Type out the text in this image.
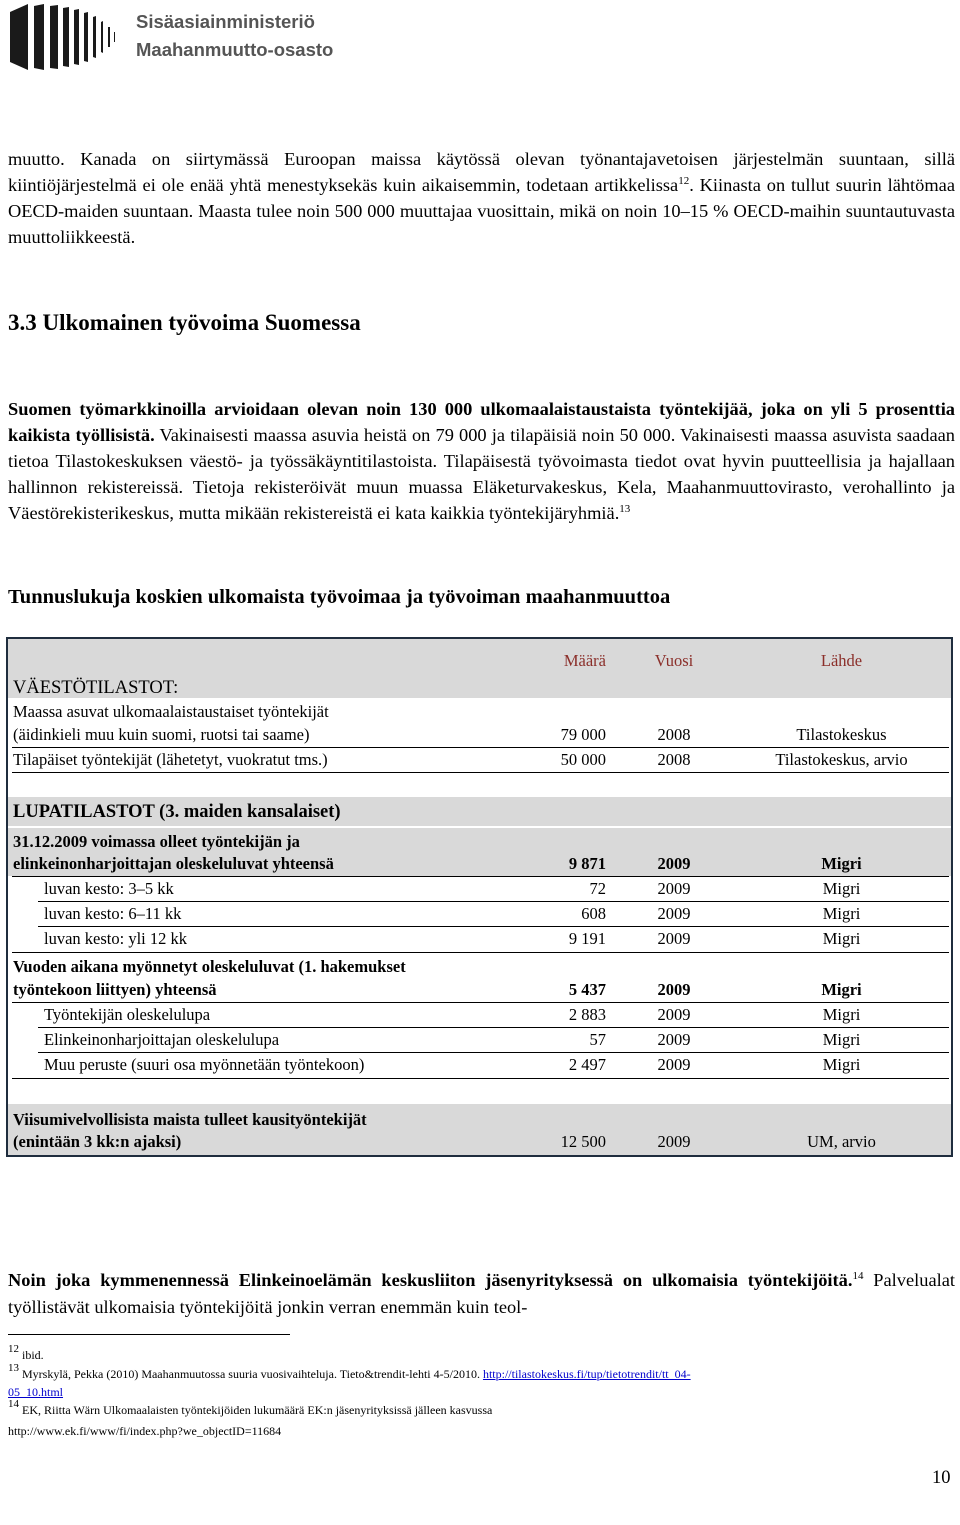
Sisäasiainministeriö
Maahanmuutto-osasto

muutto. Kanada on siirtymässä Euroopan maissa käytössä olevan työnantajavetoisen järjestelmän suuntaan, sillä kiintiöjärjestelmä ei ole enää yhtä menestyksekäs kuin aikaisemmin, todetaan artikkelissa$^{12}$. Kiinasta on tullut suurin lähtömaa OECD-maiden suuntaan. Maasta tulee noin 500 000 muuttajaa vuosittain, mikä on noin 10–15 % OECD-maihin suuntautuvasta muuttoliikkeestä.

3.3 Ulkomainen työvoima Suomessa

Suomen työmarkkinoilla arvioidaan olevan noin 130 000 ulkomaalaistaustaista työntekijää, joka on yli 5 prosenttia kaikista työllisistä. Vakinaisesti maassa asuvia heistä on 79 000 ja tilapäisiä noin 50 000. Vakinaisesti maassa asuvista saadaan tietoa Tilastokeskuksen väestö- ja työssäkäyntitilastoista. Tilapäisestä työvoimasta tiedot ovat hyvin puutteellisia ja hajallaan hallinnon rekistereissä. Tietoja rekisteröivät muun muassa Eläketurvakeskus, Kela, Maahanmuuttovirasto, verohallinto ja Väestörekisterikeskus, mutta mikään rekistereistä ei kata kaikkia työntekijäryhmiä.$^{13}$

Tunnuslukuja koskien ulkomaista työvoimaa ja työvoiman maahanmuuttoa
Määrä	Vuosi	Lähde
VÄESTÖTILASTOT:
Maassa asuvat ulkomaalaistaustaiset työntekijät
(äidinkieli muu kuin suomi, ruotsi tai saame)	79 000	2008	Tilastokeskus
Tilapäiset työntekijät (lähetetyt, vuokratut tms.)	50 000	2008	Tilastokeskus, arvio
LUPATILASTOT (3. maiden kansalaiset)
31.12.2009 voimassa olleet työntekijän ja
elinkeinonharjoittajan oleskeluluvat yhteensä	9 871	2009	Migri
luvan kesto: 3–5 kk	72	2009	Migri
luvan kesto: 6–11 kk	608	2009	Migri
luvan kesto: yli 12 kk	9 191	2009	Migri
Vuoden aikana myönnetyt oleskeluluvat (1. hakemukset
työntekoon liittyen) yhteensä	5 437	2009	Migri
Työntekijän oleskelulupa	2 883	2009	Migri
Elinkeinonharjoittajan oleskelulupa	57	2009	Migri
Muu peruste (suuri osa myönnetään työntekoon)	2 497	2009	Migri
Viisumivelvollisista maista tulleet kausityöntekijät
(enintään 3 kk:n ajaksi)	12 500	2009	UM, arvio

Noin joka kymmenennessä Elinkeinoelämän keskusliiton jäsenyrityksessä on ulkomaisia työntekijöitä.$^{14}$ Palvelualat työllistävät ulkomaisia työntekijöitä jonkin verran enemmän kuin teol-

$^{12}$ ibid.
$^{13}$ Myrskylä, Pekka (2010) Maahanmuutossa suuria vuosivaihteluja. Tieto&trendit-lehti 4-5/2010. http://tilastokeskus.fi/tup/tietotrendit/tt_04-
05_10.html
$^{14}$ EK, Riitta Wärn Ulkomaalaisten työntekijöiden lukumäärä EK:n jäsenyrityksissä jälleen kasvussa
http://www.ek.fi/www/fi/index.php?we_objectID=11684
10
